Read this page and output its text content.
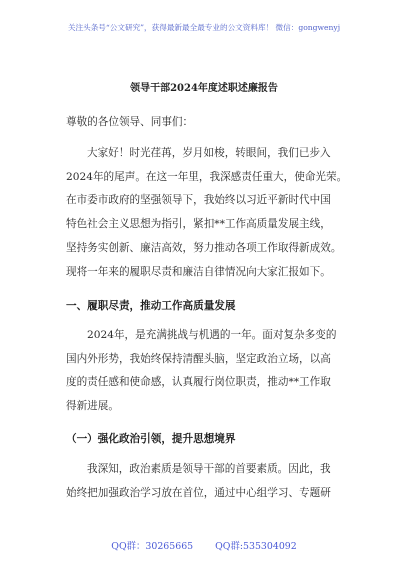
关注头条号“公文研究”，获得最新最全最专业的公文资料库！ 微信：gongwenyj
领导干部2024年度述职述廉报告
尊敬的各位领导、同事们：
大家好！时光荏苒，岁月如梭，转眼间，我们已步入
2024年的尾声。在这一年里，我深感责任重大，使命光荣。
在市委市政府的坚强领导下，我始终以习近平新时代中国
特色社会主义思想为指引，紧扣**工作高质量发展主线，
坚持务实创新、廉洁高效，努力推动各项工作取得新成效。
现将一年来的履职尽责和廉洁自律情况向大家汇报如下。
一、履职尽责，推动工作高质量发展
2024年，是充满挑战与机遇的一年。面对复杂多变的
国内外形势，我始终保持清醒头脑，坚定政治立场，以高
度的责任感和使命感，认真履行岗位职责，推动**工作取
得新进展。
（一）强化政治引领，提升思想境界
我深知，政治素质是领导干部的首要素质。因此，我
始终把加强政治学习放在首位，通过中心组学习、专题研
QQ群：30265665 QQ群:535304092
